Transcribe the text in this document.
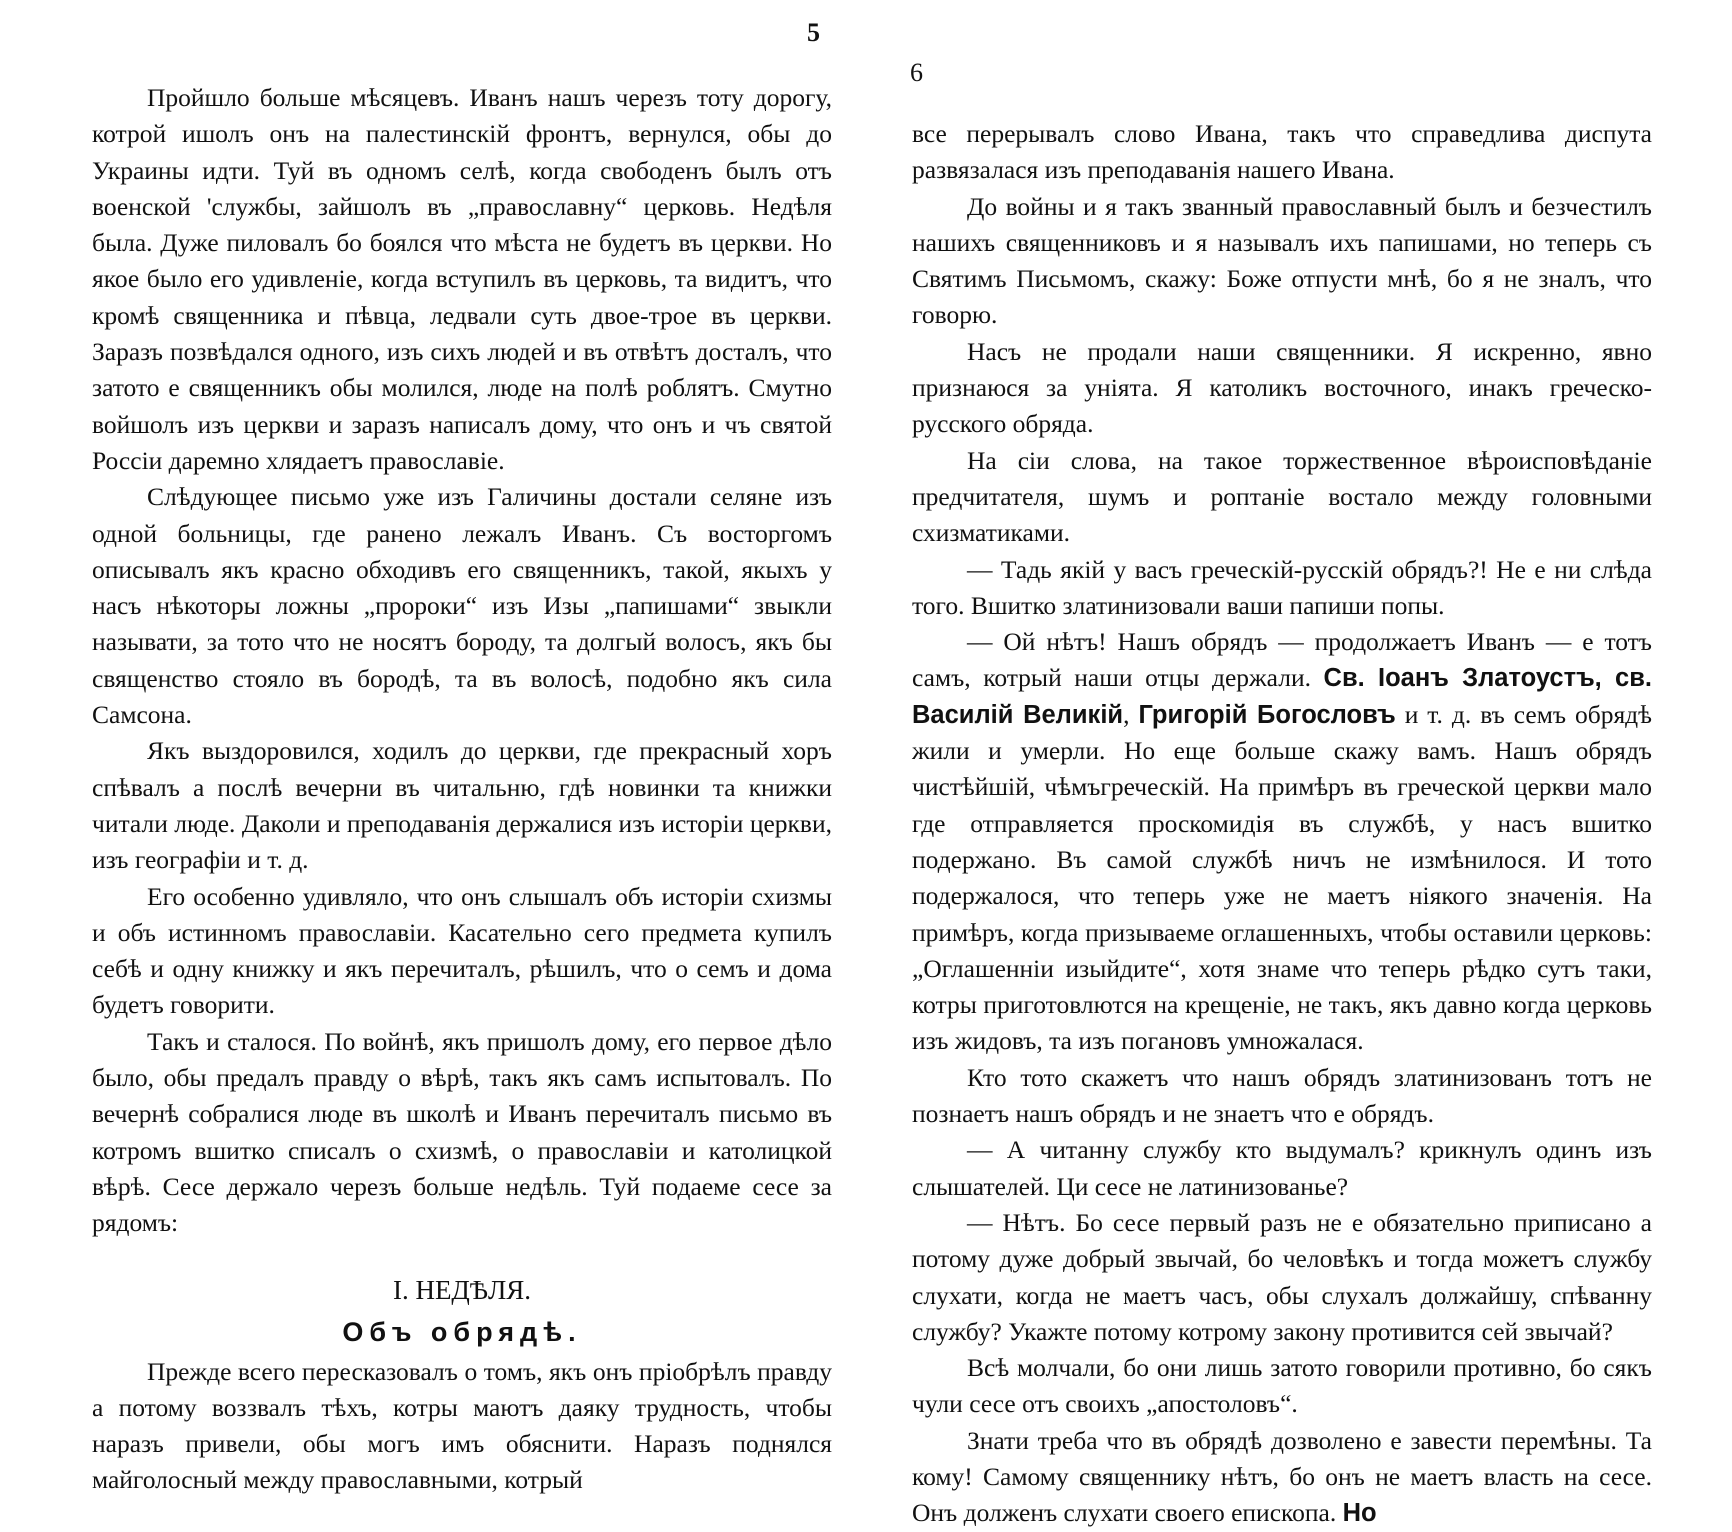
5

Пройшло больше мѣсяцевъ. Иванъ нашъ черезъ тоту дорогу, котрой ишолъ онъ на палестинскій фронтъ, вернулся, обы до Украины идти. Туй въ одномъ селѣ, когда свободенъ былъ отъ военской 'службы, зайшолъ въ „православну“ церковь. Недѣля была. Дуже пиловалъ бо боялся что мѣста не будетъ въ церкви. Но якое было его удивленіе, когда вступилъ въ церковь, та видитъ, что кромѣ священника и пѣвца, ледвали суть двое-трое въ церкви. Заразъ позвѣдался одного, изъ сихъ людей и въ отвѣтъ досталъ, что затото е священникъ обы молился, люде на полѣ роблятъ. Смутно войшолъ изъ церкви и заразъ написалъ дому, что онъ и чъ святой Россіи даремно хлядаетъ православіе.

Слѣдующее письмо уже изъ Галичины достали селяне изъ одной больницы, где ранено лежалъ Иванъ. Съ восторгомъ описывалъ якъ красно обходивъ его священникъ, такой, якыхъ у насъ нѣкоторы ложны „пророки“ изъ Изы „папишами“ звыкли называти, за тото что не носятъ бороду, та долгый волосъ, якъ бы священство стояло въ бородѣ, та въ волосѣ, подобно якъ сила Самсона.

Якъ выздоровился, ходилъ до церкви, где прекрасный хоръ спѣвалъ а послѣ вечерни въ читальню, гдѣ новинки та книжки читали люде. Даколи и преподаванія держалися изъ исторіи церкви, изъ географіи и т. д.

Его особенно удивляло, что онъ слышалъ объ исторіи схизмы и объ истинномъ православіи. Касательно сего предмета купилъ себѣ и одну книжку и якъ перечиталъ, рѣшилъ, что о семъ и дома будетъ говорити.

Такъ и сталося. По войнѣ, якъ пришолъ дому, его первое дѣло было, обы предалъ правду о вѣрѣ, такъ якъ самъ испытовалъ. По вечернѣ собралися люде въ школѣ и Иванъ перечиталъ письмо въ котромъ вшитко списалъ о схизмѣ, о православіи и католицкой вѣрѣ. Сесе держало черезъ больше недѣль. Туй подаеме сесе за рядомъ:

I. НЕДѢЛЯ.
Объ обрядѣ.

Прежде всего пересказовалъ о томъ, якъ онъ пріобрѣлъ правду а потому воззвалъ тѣхъ, котры маютъ даяку трудность, чтобы наразъ привели, обы могъ имъ обяснити. Наразъ поднялся майголосный между православными, котрый

6

все перерывалъ слово Ивана, такъ что справедлива диспута развязалася изъ преподаванія нашего Ивана.

До войны и я такъ званный православный былъ и безчестилъ нашихъ священниковъ и я называлъ ихъ папишами, но теперь съ Святимъ Письмомъ, скажу: Боже отпусти мнѣ, бо я не зналъ, что говорю.

Насъ не продали наши священники. Я искренно, явно признаюся за уніята. Я католикъ восточного, инакъ греческо-русского обряда.

На сіи слова, на такое торжественное вѣроисповѣданіе предчитателя, шумъ и роптаніе востало между головными схизматиками.

— Тадь якій у васъ греческій-русскій обрядъ?! Не е ни слѣда того. Вшитко златинизовали ваши папиши попы.

— Ой нѣтъ! Нашъ обрядъ — продолжаетъ Иванъ — е тотъ самъ, котрый наши отцы держали. Св. Іоанъ Златоустъ, св. Василій Великій, Григорій Богословъ и т. д. въ семъ обрядѣ жили и умерли. Но еще больше скажу вамъ. Нашъ обрядъ чистѣйшій, чѣмъгреческій. На примѣръ въ греческой церкви мало где отправляется проскомидія въ службѣ, у насъ вшитко подержано. Въ самой службѣ ничъ не измѣнилося. И тото подержалося, что теперь уже не маетъ ніякого значенія. На примѣръ, когда призываеме оглашенныхъ, чтобы оставили церковь: „Оглашенніи изыйдите“, хотя знаме что теперь рѣдко сутъ таки, котры приготовлются на крещеніе, не такъ, якъ давно когда церковь изъ жидовъ, та изъ погановъ умножалася.

Кто тото скажетъ что нашъ обрядъ златинизованъ тотъ не познаетъ нашъ обрядъ и не знаетъ что е обрядъ.

— А читанну службу кто выдумалъ? крикнулъ одинъ изъ слышателей. Ци сесе не латинизованье?

— Нѣтъ. Бо сесе первый разъ не е обязательно приписано а потому дуже добрый звычай, бо человѣкъ и тогда можетъ службу слухати, когда не маетъ часъ, обы слухалъ должайшу, спѣванну службу? Укажте потому котрому закону противится сей звычай?

Всѣ молчали, бо они лишь затото говорили противно, бо сякъ чули сесе отъ своихъ „апостоловъ“.

Знати треба что въ обрядѣ дозволено е завести перемѣны. Та кому! Самому священнику нѣтъ, бо онъ не маетъ власть на сесе. Онъ долженъ слухати своего епископа. Но
